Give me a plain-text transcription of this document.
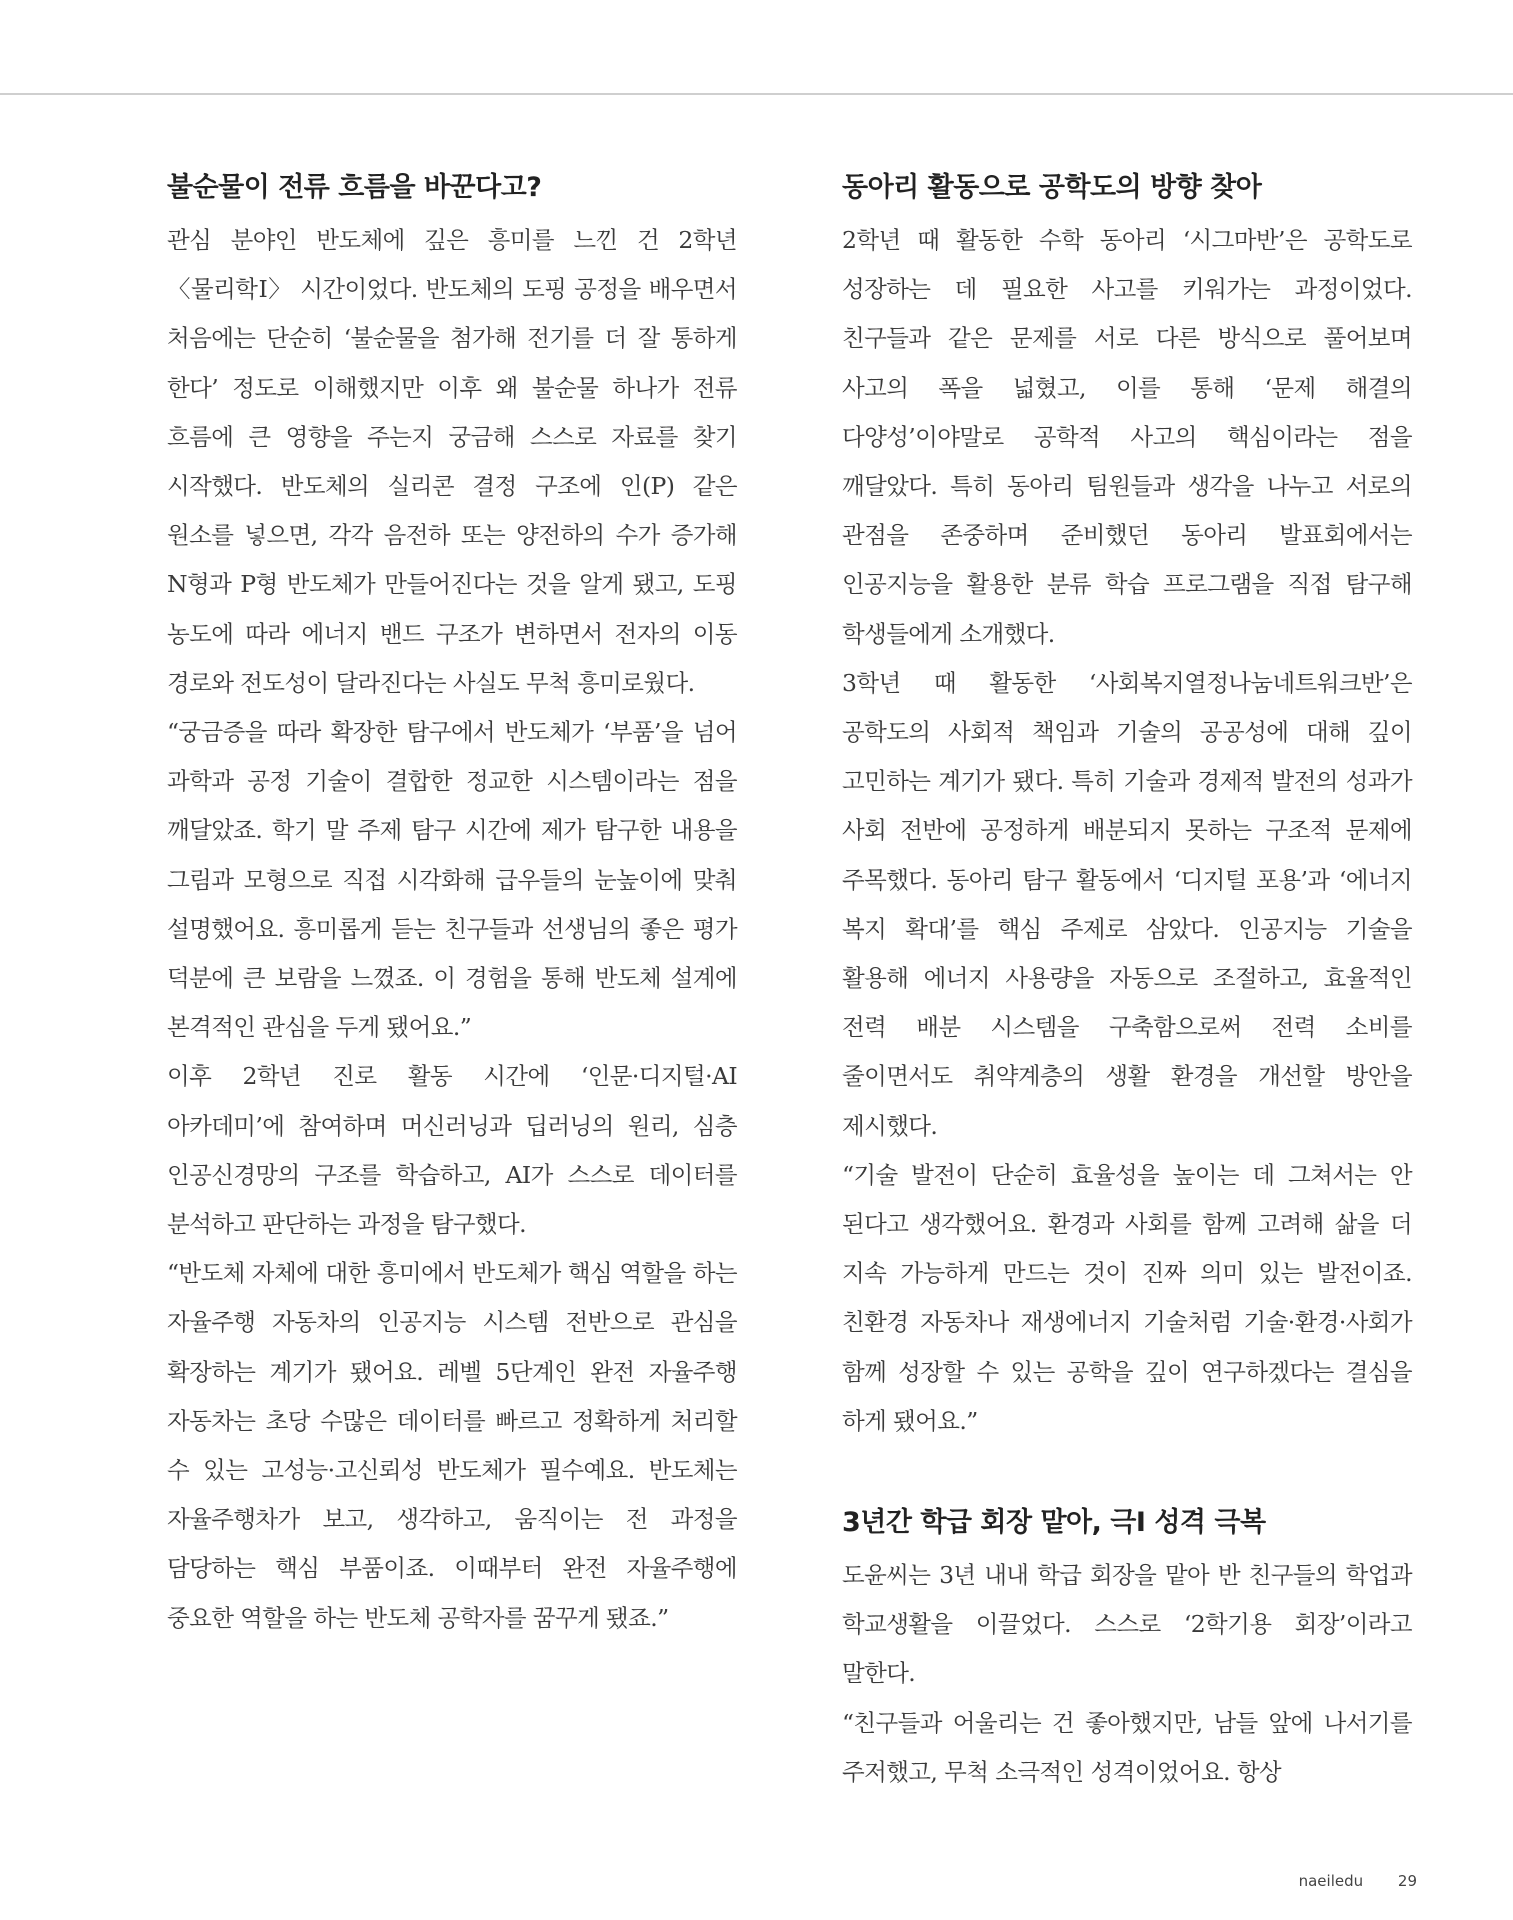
불순물이 전류 흐름을 바꾼다고?

관심 분야인 반도체에 깊은 흥미를 느낀 건 2학년 〈물리학Ⅰ〉 시간이었다. 반도체의 도핑 공정을 배우면서 처음에는 단순히 ‘불순물을 첨가해 전기를 더 잘 통하게 한다’ 정도로 이해했지만 이후 왜 불순물 하나가 전류 흐름에 큰 영향을 주는지 궁금해 스스로 자료를 찾기 시작했다. 반도체의 실리콘 결정 구조에 인(P) 같은 원소를 넣으면, 각각 음전하 또는 양전하의 수가 증가해 N형과 P형 반도체가 만들어진다는 것을 알게 됐고, 도핑 농도에 따라 에너지 밴드 구조가 변하면서 전자의 이동 경로와 전도성이 달라진다는 사실도 무척 흥미로웠다.

“궁금증을 따라 확장한 탐구에서 반도체가 ‘부품’을 넘어 과학과 공정 기술이 결합한 정교한 시스템이라는 점을 깨달았죠. 학기 말 주제 탐구 시간에 제가 탐구한 내용을 그림과 모형으로 직접 시각화해 급우들의 눈높이에 맞춰 설명했어요. 흥미롭게 듣는 친구들과 선생님의 좋은 평가 덕분에 큰 보람을 느꼈죠. 이 경험을 통해 반도체 설계에 본격적인 관심을 두게 됐어요.”

이후 2학년 진로 활동 시간에 ‘인문·디지털·AI 아카데미’에 참여하며 머신러닝과 딥러닝의 원리, 심층 인공신경망의 구조를 학습하고, AI가 스스로 데이터를 분석하고 판단하는 과정을 탐구했다.

“반도체 자체에 대한 흥미에서 반도체가 핵심 역할을 하는 자율주행 자동차의 인공지능 시스템 전반으로 관심을 확장하는 계기가 됐어요. 레벨 5단계인 완전 자율주행 자동차는 초당 수많은 데이터를 빠르고 정확하게 처리할 수 있는 고성능·고신뢰성 반도체가 필수예요. 반도체는 자율주행차가 보고, 생각하고, 움직이는 전 과정을 담당하는 핵심 부품이죠. 이때부터 완전 자율주행에 중요한 역할을 하는 반도체 공학자를 꿈꾸게 됐죠.”

동아리 활동으로 공학도의 방향 찾아

2학년 때 활동한 수학 동아리 ‘시그마반’은 공학도로 성장하는 데 필요한 사고를 키워가는 과정이었다. 친구들과 같은 문제를 서로 다른 방식으로 풀어보며 사고의 폭을 넓혔고, 이를 통해 ‘문제 해결의 다양성’이야말로 공학적 사고의 핵심이라는 점을 깨달았다. 특히 동아리 팀원들과 생각을 나누고 서로의 관점을 존중하며 준비했던 동아리 발표회에서는 인공지능을 활용한 분류 학습 프로그램을 직접 탐구해 학생들에게 소개했다.

3학년 때 활동한 ‘사회복지열정나눔네트워크반’은 공학도의 사회적 책임과 기술의 공공성에 대해 깊이 고민하는 계기가 됐다. 특히 기술과 경제적 발전의 성과가 사회 전반에 공정하게 배분되지 못하는 구조적 문제에 주목했다. 동아리 탐구 활동에서 ‘디지털 포용’과 ‘에너지 복지 확대’를 핵심 주제로 삼았다. 인공지능 기술을 활용해 에너지 사용량을 자동으로 조절하고, 효율적인 전력 배분 시스템을 구축함으로써 전력 소비를 줄이면서도 취약계층의 생활 환경을 개선할 방안을 제시했다.

“기술 발전이 단순히 효율성을 높이는 데 그쳐서는 안 된다고 생각했어요. 환경과 사회를 함께 고려해 삶을 더 지속 가능하게 만드는 것이 진짜 의미 있는 발전이죠. 친환경 자동차나 재생에너지 기술처럼 기술·환경·사회가 함께 성장할 수 있는 공학을 깊이 연구하겠다는 결심을 하게 됐어요.”

3년간 학급 회장 맡아, 극I 성격 극복

도윤씨는 3년 내내 학급 회장을 맡아 반 친구들의 학업과 학교생활을 이끌었다. 스스로 ‘2학기용 회장’이라고 말한다.

“친구들과 어울리는 건 좋아했지만, 남들 앞에 나서기를 주저했고, 무척 소극적인 성격이었어요. 항상

naeiledu 29
